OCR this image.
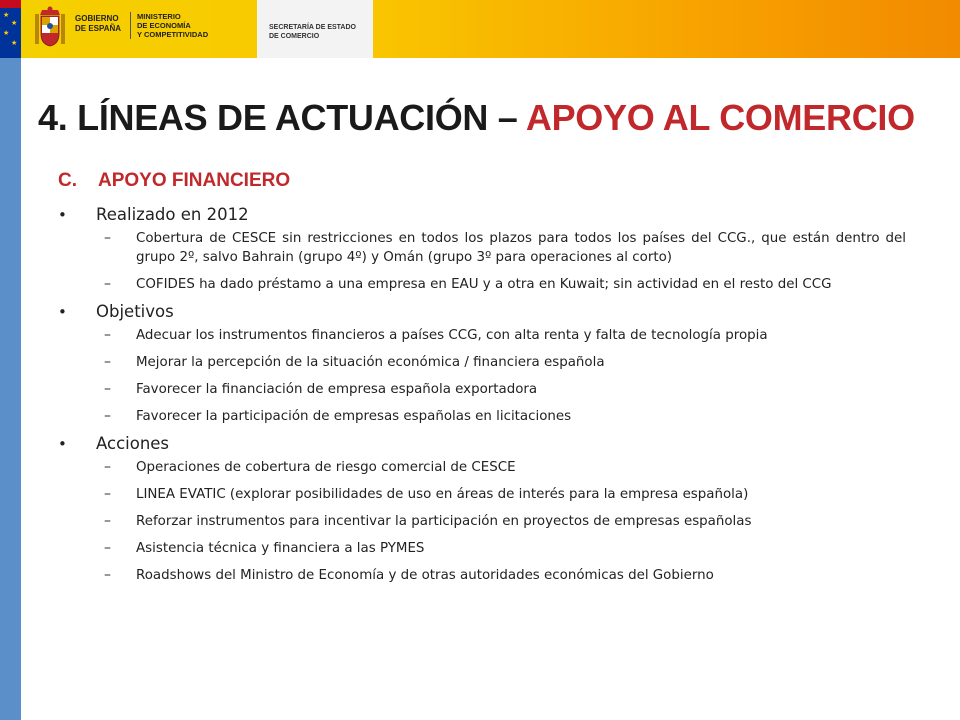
★
★
★
★
GOBIERNO
DE ESPAÑA
MINISTERIO
DE ECONOMÍA
Y COMPETITIVIDAD
SECRETARÍA DE ESTADO
DE COMERCIO
4. LÍNEAS DE ACTUACIÓN – APOYO AL COMERCIO
C.	APOYO FINANCIERO
•	Realizado en 2012
–	Cobertura de CESCE sin restricciones en todos los plazos para todos los países del CCG., que están dentro del grupo 2º, salvo Bahrain (grupo 4º) y Omán (grupo 3º para operaciones al corto)
–	COFIDES ha dado préstamo a una empresa en EAU y a otra en Kuwait; sin actividad en el resto del CCG
•	Objetivos
–	Adecuar los instrumentos financieros a países CCG, con alta renta y falta de tecnología propia
–	Mejorar la percepción de la situación económica / financiera española
–	Favorecer la financiación de empresa española exportadora
–	Favorecer la participación de empresas españolas en licitaciones
•	Acciones
–	Operaciones de cobertura de riesgo comercial de CESCE
–	LINEA EVATIC (explorar posibilidades de uso en áreas de interés para la empresa española)
–	Reforzar instrumentos para incentivar la participación en proyectos de empresas españolas
–	Asistencia técnica y financiera a las PYMES
–	Roadshows del Ministro de Economía y de otras autoridades económicas del Gobierno
